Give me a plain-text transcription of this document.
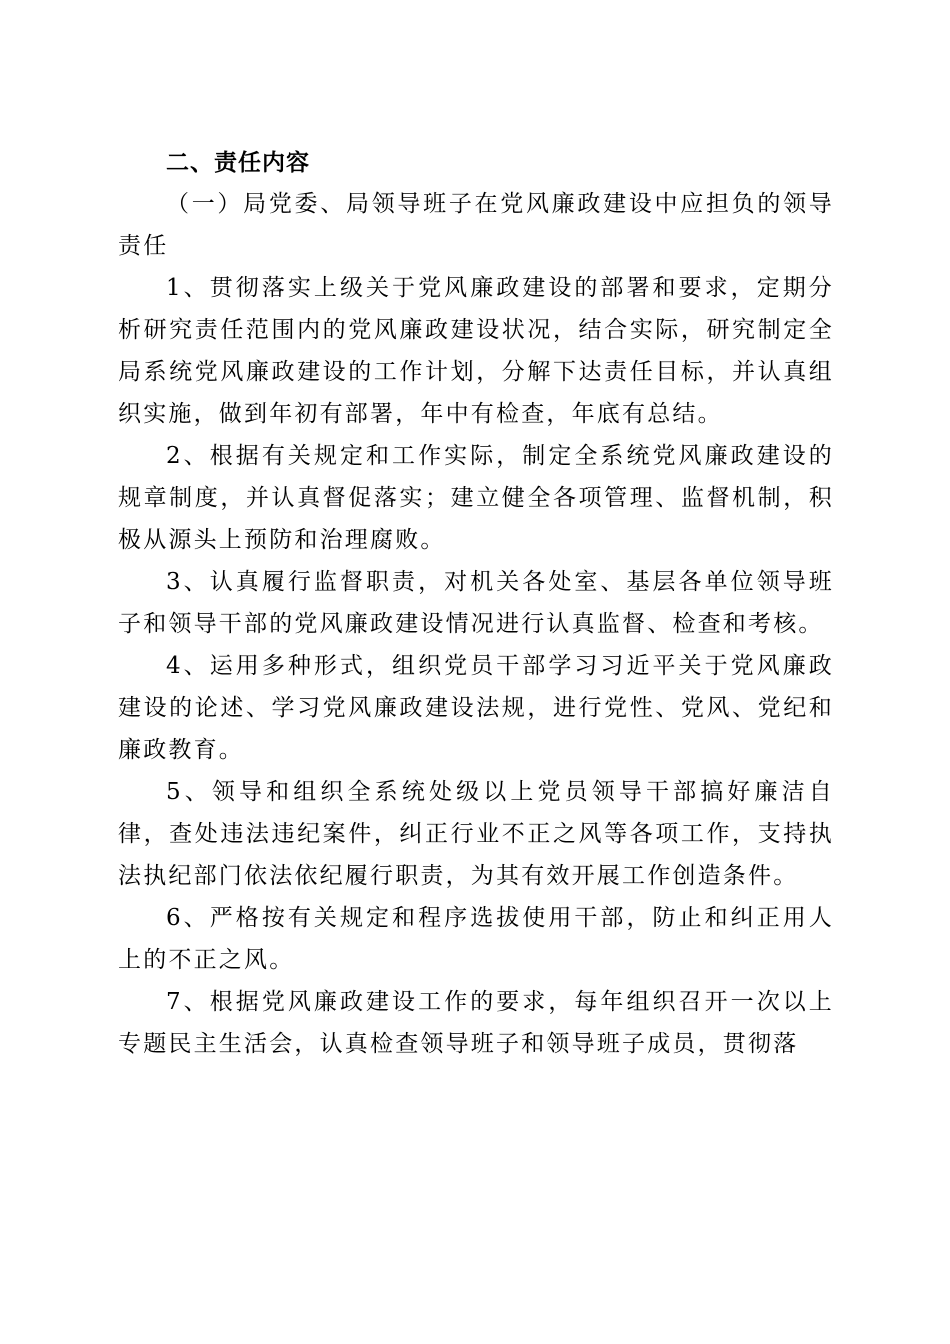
二、责任内容

（一）局党委、局领导班子在党风廉政建设中应担负的领导责任

1、贯彻落实上级关于党风廉政建设的部署和要求，定期分析研究责任范围内的党风廉政建设状况，结合实际，研究制定全局系统党风廉政建设的工作计划，分解下达责任目标，并认真组织实施，做到年初有部署，年中有检查，年底有总结。

2、根据有关规定和工作实际，制定全系统党风廉政建设的规章制度，并认真督促落实；建立健全各项管理、监督机制，积极从源头上预防和治理腐败。

3、认真履行监督职责，对机关各处室、基层各单位领导班子和领导干部的党风廉政建设情况进行认真监督、检查和考核。

4、运用多种形式，组织党员干部学习习近平关于党风廉政建设的论述、学习党风廉政建设法规，进行党性、党风、党纪和廉政教育。

5、领导和组织全系统处级以上党员领导干部搞好廉洁自律，查处违法违纪案件，纠正行业不正之风等各项工作，支持执法执纪部门依法依纪履行职责，为其有效开展工作创造条件。

6、严格按有关规定和程序选拔使用干部，防止和纠正用人上的不正之风。

7、根据党风廉政建设工作的要求，每年组织召开一次以上专题民主生活会，认真检查领导班子和领导班子成员，贯彻落
